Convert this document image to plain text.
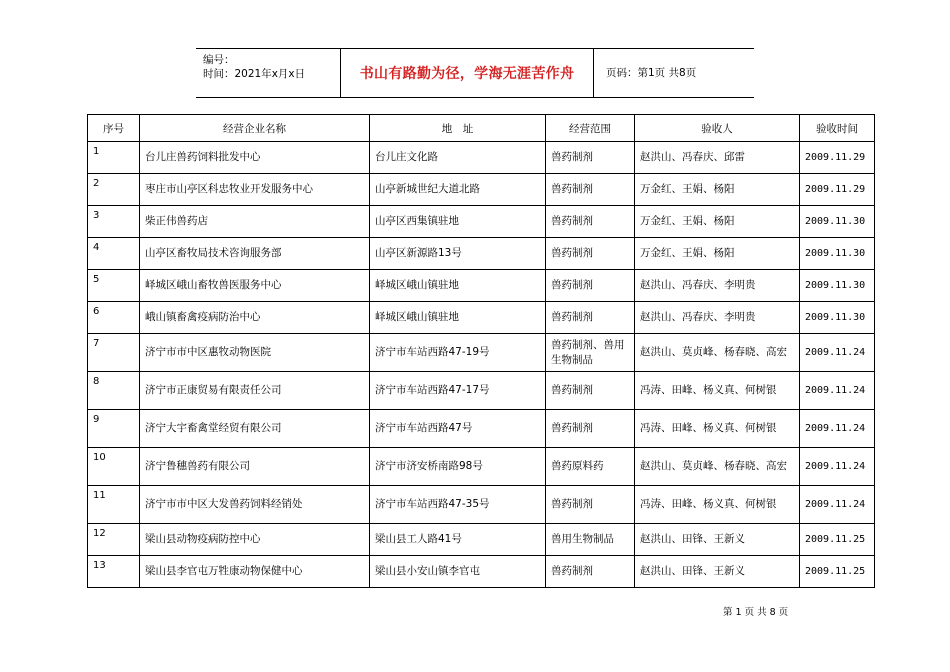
编号：
时间：2021年x月x日	书山有路勤为径，学海无涯苦作舟	页码：第1页 共8页
序号	经营企业名称	地　址	经营范围	验收人	验收时间
1	台儿庄兽药饲料批发中心	台儿庄文化路	兽药制剂	赵洪山、冯春庆、邱雷	2009.11.29
2	枣庄市山亭区科忠牧业开发服务中心	山亭新城世纪大道北路	兽药制剂	万金红、王娟、杨阳	2009.11.29
3	柴正伟兽药店	山亭区西集镇驻地	兽药制剂	万金红、王娟、杨阳	2009.11.30
4	山亭区畜牧局技术咨询服务部	山亭区新源路13号	兽药制剂	万金红、王娟、杨阳	2009.11.30
5	峄城区峨山畜牧兽医服务中心	峄城区峨山镇驻地	兽药制剂	赵洪山、冯春庆、李明贵	2009.11.30
6	峨山镇畜禽疫病防治中心	峄城区峨山镇驻地	兽药制剂	赵洪山、冯春庆、李明贵	2009.11.30
7	济宁市市中区惠牧动物医院	济宁市车站西路47-19号	兽药制剂、兽用生物制品	赵洪山、莫贞峰、杨春晓、高宏	2009.11.24
8	济宁市正康贸易有限责任公司	济宁市车站西路47-17号	兽药制剂	冯涛、田峰、杨义真、何树银	2009.11.24
9	济宁大宇畜禽堂经贸有限公司	济宁市车站西路47号	兽药制剂	冯涛、田峰、杨义真、何树银	2009.11.24
10	济宁鲁穗兽药有限公司	济宁市济安桥南路98号	兽药原料药	赵洪山、莫贞峰、杨春晓、高宏	2009.11.24
11	济宁市市中区大发兽药饲料经销处	济宁市车站西路47-35号	兽药制剂	冯涛、田峰、杨义真、何树银	2009.11.24
12	梁山县动物疫病防控中心	梁山县工人路41号	兽用生物制品	赵洪山、田锋、王新义	2009.11.25
13	梁山县李官屯万牲康动物保健中心	梁山县小安山镇李官屯	兽药制剂	赵洪山、田锋、王新义	2009.11.25
第 1 页 共 8 页
